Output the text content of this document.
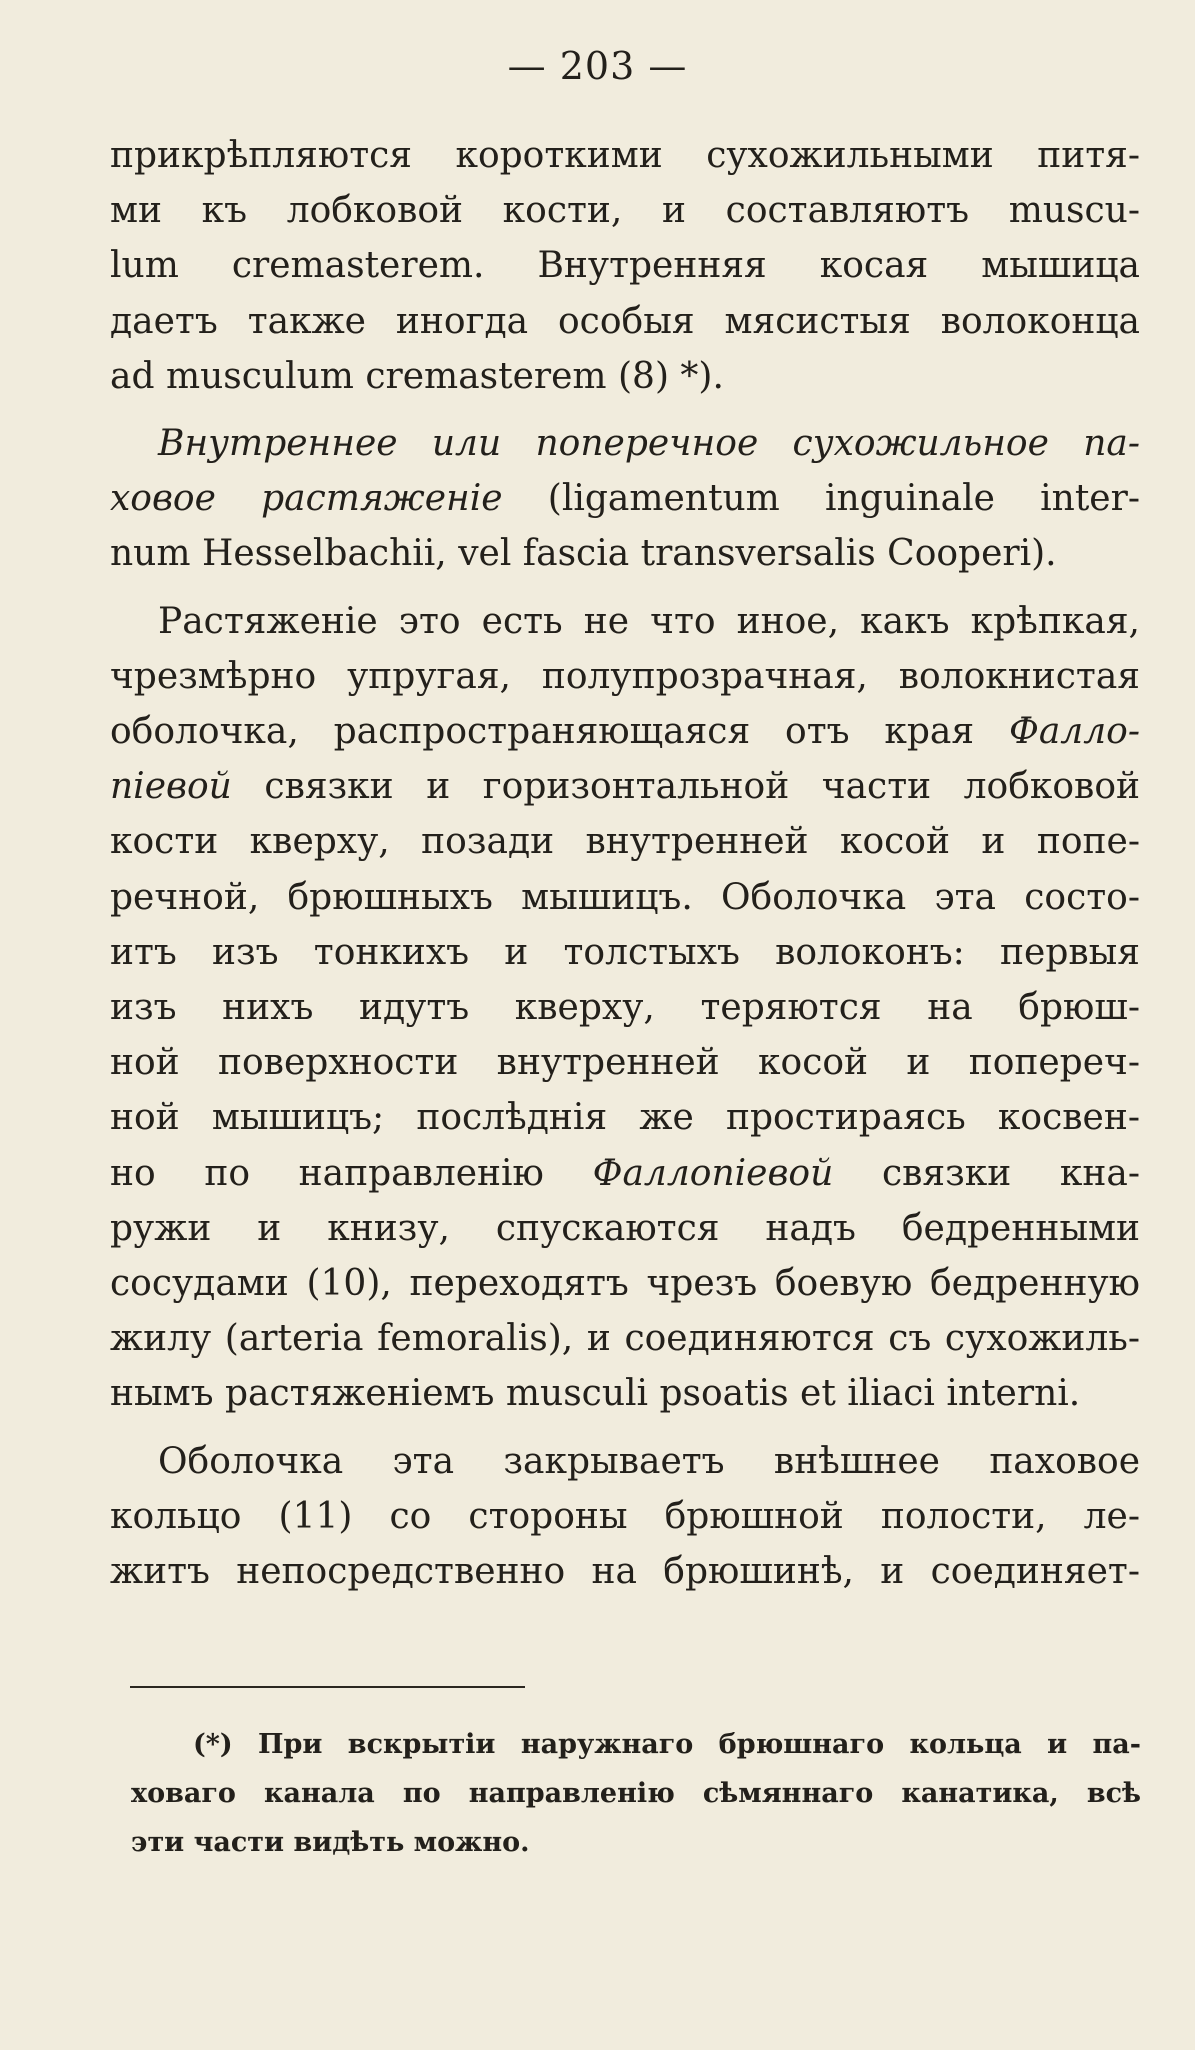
— 203 —
прикрѣпляются короткими сухожильными питя-
ми къ лобковой кости, и составляютъ muscu-
lum cremasterem. Внутренняя косая мышица
даетъ также иногда особыя мясистыя волоконца
ad musculum cremasterem (8) *).
Внутреннее или поперечное сухожильное па-
ховое растяженіе (ligamentum inguinale inter-
num Hesselbachii, vel fascia transversalis Cooperi).
Растяженіе это есть не что иное, какъ крѣпкая,
чрезмѣрно упругая, полупрозрачная, волокнистая
оболочка, распространяющаяся отъ края Фалло-
піевой связки и горизонтальной части лобковой
кости кверху, позади внутренней косой и попе-
речной, брюшныхъ мышицъ. Оболочка эта состо-
итъ изъ тонкихъ и толстыхъ волоконъ: первыя
изъ нихъ идутъ кверху, теряются на брюш-
ной поверхности внутренней косой и попереч-
ной мышицъ; послѣднія же простираясь косвен-
но по направленію Фаллопіевой связки кна-
ружи и книзу, спускаются надъ бедренными
сосудами (10), переходятъ чрезъ боевую бедренную
жилу (arteria femoralis), и соединяются съ сухожиль-
нымъ растяженіемъ musculi psoatis et iliaci interni.
Оболочка эта закрываетъ внѣшнее паховое
кольцо (11) со стороны брюшной полости, ле-
житъ непосредственно на брюшинѣ, и соединяет-
(*) При вскрытіи наружнаго брюшнаго кольца и па-
ховаго канала по направленію сѣмяннаго канатика, всѣ
эти части видѣть можно.
